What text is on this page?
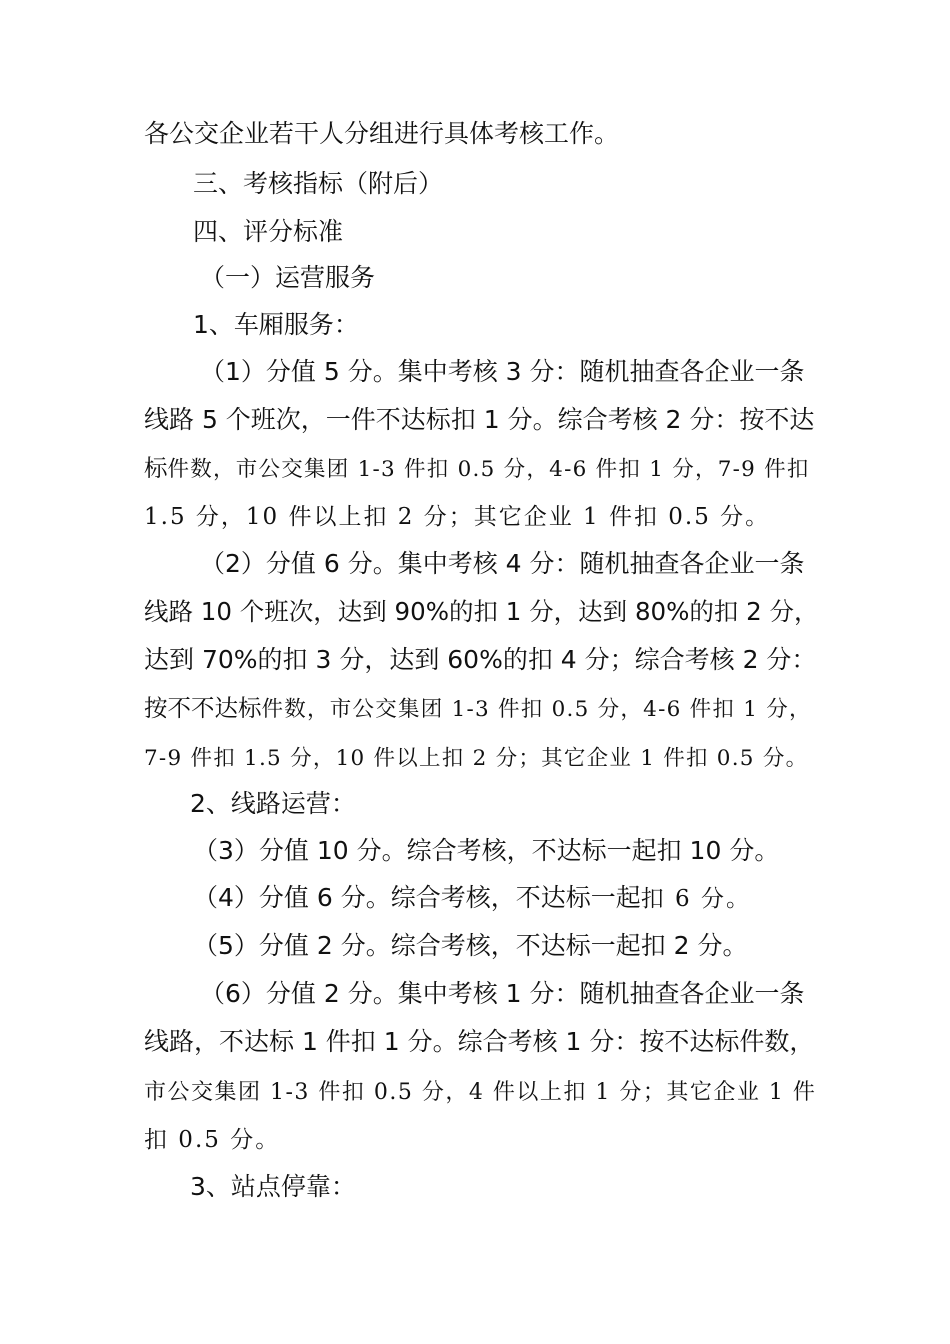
各公交企业若干人分组进行具体考核工作。
三、考核指标（附后）
四、评分标准
（一）运营服务
1、车厢服务：
（1）分值 5 分。集中考核 3 分：随机抽查各企业一条
线路 5 个班次，一件不达标扣 1 分。综合考核 2 分：按不达
标件数，市公交集团 1-3 件扣 0.5 分，4-6 件扣 1 分，7-9 件扣
1.5 分，10 件以上扣 2 分；其它企业 1 件扣 0.5 分。
（2）分值 6 分。集中考核 4 分：随机抽查各企业一条
线路 10 个班次，达到 90%的扣 1 分，达到 80%的扣 2 分，
达到 70%的扣 3 分，达到 60%的扣 4 分；综合考核 2 分：
按不不达标件数，市公交集团 1-3 件扣 0.5 分，4-6 件扣 1 分，
7-9 件扣 1.5 分，10 件以上扣 2 分；其它企业 1 件扣 0.5 分。
2、线路运营：
（3）分值 10 分。综合考核，不达标一起扣 10 分。
（4）分值 6 分。综合考核，不达标一起扣 6 分。
（5）分值 2 分。综合考核，不达标一起扣 2 分。
（6）分值 2 分。集中考核 1 分：随机抽查各企业一条
线路，不达标 1 件扣 1 分。综合考核 1 分：按不达标件数，
市公交集团 1-3 件扣 0.5 分，4 件以上扣 1 分；其它企业 1 件
扣 0.5 分。
3、站点停靠：
